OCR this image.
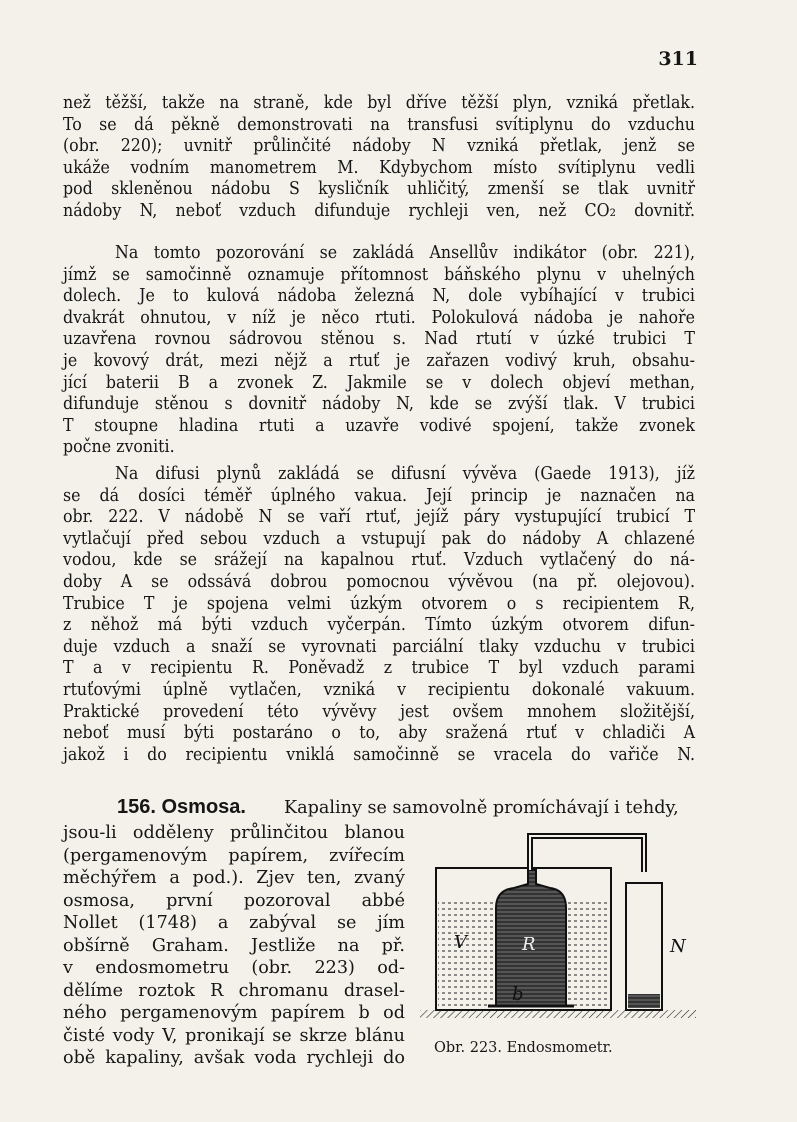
311
než těžší, takže na straně, kde byl dříve těžší plyn, vzniká přetlak.
To se dá pěkně demonstrovati na transfusi svítiplynu do vzduchu
(obr. 220); uvnitř průlinčité nádoby N vzniká přetlak, jenž se
ukáže vodním manometrem M. Kdybychom místo svítiplynu vedli
pod skleněnou nádobu S kysličník uhličitý, zmenší se tlak uvnitř
nádoby N, neboť vzduch difunduje rychleji ven, než CO₂ dovnitř.
Na tomto pozorování se zakládá Ansellův indikátor (obr. 221),
jímž se samočinně oznamuje přítomnost báňského plynu v uhelných
dolech. Je to kulová nádoba železná N, dole vybíhající v trubici
dvakrát ohnutou, v níž je něco rtuti. Polokulová nádoba je nahoře
uzavřena rovnou sádrovou stěnou s. Nad rtutí v úzké trubici T
je kovový drát, mezi nějž a rtuť je zařazen vodivý kruh, obsahu-
jící baterii B a zvonek Z. Jakmile se v dolech objeví methan,
difunduje stěnou s dovnitř nádoby N, kde se zvýší tlak. V trubici
T stoupne hladina rtuti a uzavře vodivé spojení, takže zvonek
počne zvoniti.
Na difusi plynů zakládá se difusní vývěva (Gaede 1913), jíž
se dá dosíci téměř úplného vakua. Její princip je naznačen na
obr. 222. V nádobě N se vaří rtuť, jejíž páry vystupující trubicí T
vytlačují před sebou vzduch a vstupují pak do nádoby A chlazené
vodou, kde se srážejí na kapalnou rtuť. Vzduch vytlačený do ná-
doby A se odssává dobrou pomocnou vývěvou (na př. olejovou).
Trubice T je spojena velmi úzkým otvorem o s recipientem R,
z něhož má býti vzduch vyčerpán. Tímto úzkým otvorem difun-
duje vzduch a snaží se vyrovnati parciální tlaky vzduchu v trubici
T a v recipientu R. Poněvadž z trubice T byl vzduch parami
rtuťovými úplně vytlačen, vzniká v recipientu dokonalé vakuum.
Praktické provedení této vývěvy jest ovšem mnohem složitější,
neboť musí býti postaráno o to, aby sražená rtuť v chladiči A
jakož i do recipientu vniklá samočinně se vracela do vařiče N.
156. Osmosa. Kapaliny se samovolně promíchávají i tehdy,
jsou-li odděleny průlinčitou blanou
(pergamenovým papírem, zvířecím
měchýřem a pod.). Zjev ten, zvaný
osmosa, první pozoroval abbé
Nollet (1748) a zabýval se jím
obšírně Graham. Jestliže na př.
v endosmometru (obr. 223) od-
dělíme roztok R chromanu drasel-
ného pergamenovým papírem b od
čisté vody V, pronikají se skrze blánu
obě kapaliny, avšak voda rychleji do
V	R	N
b
Obr. 223. Endosmometr.
